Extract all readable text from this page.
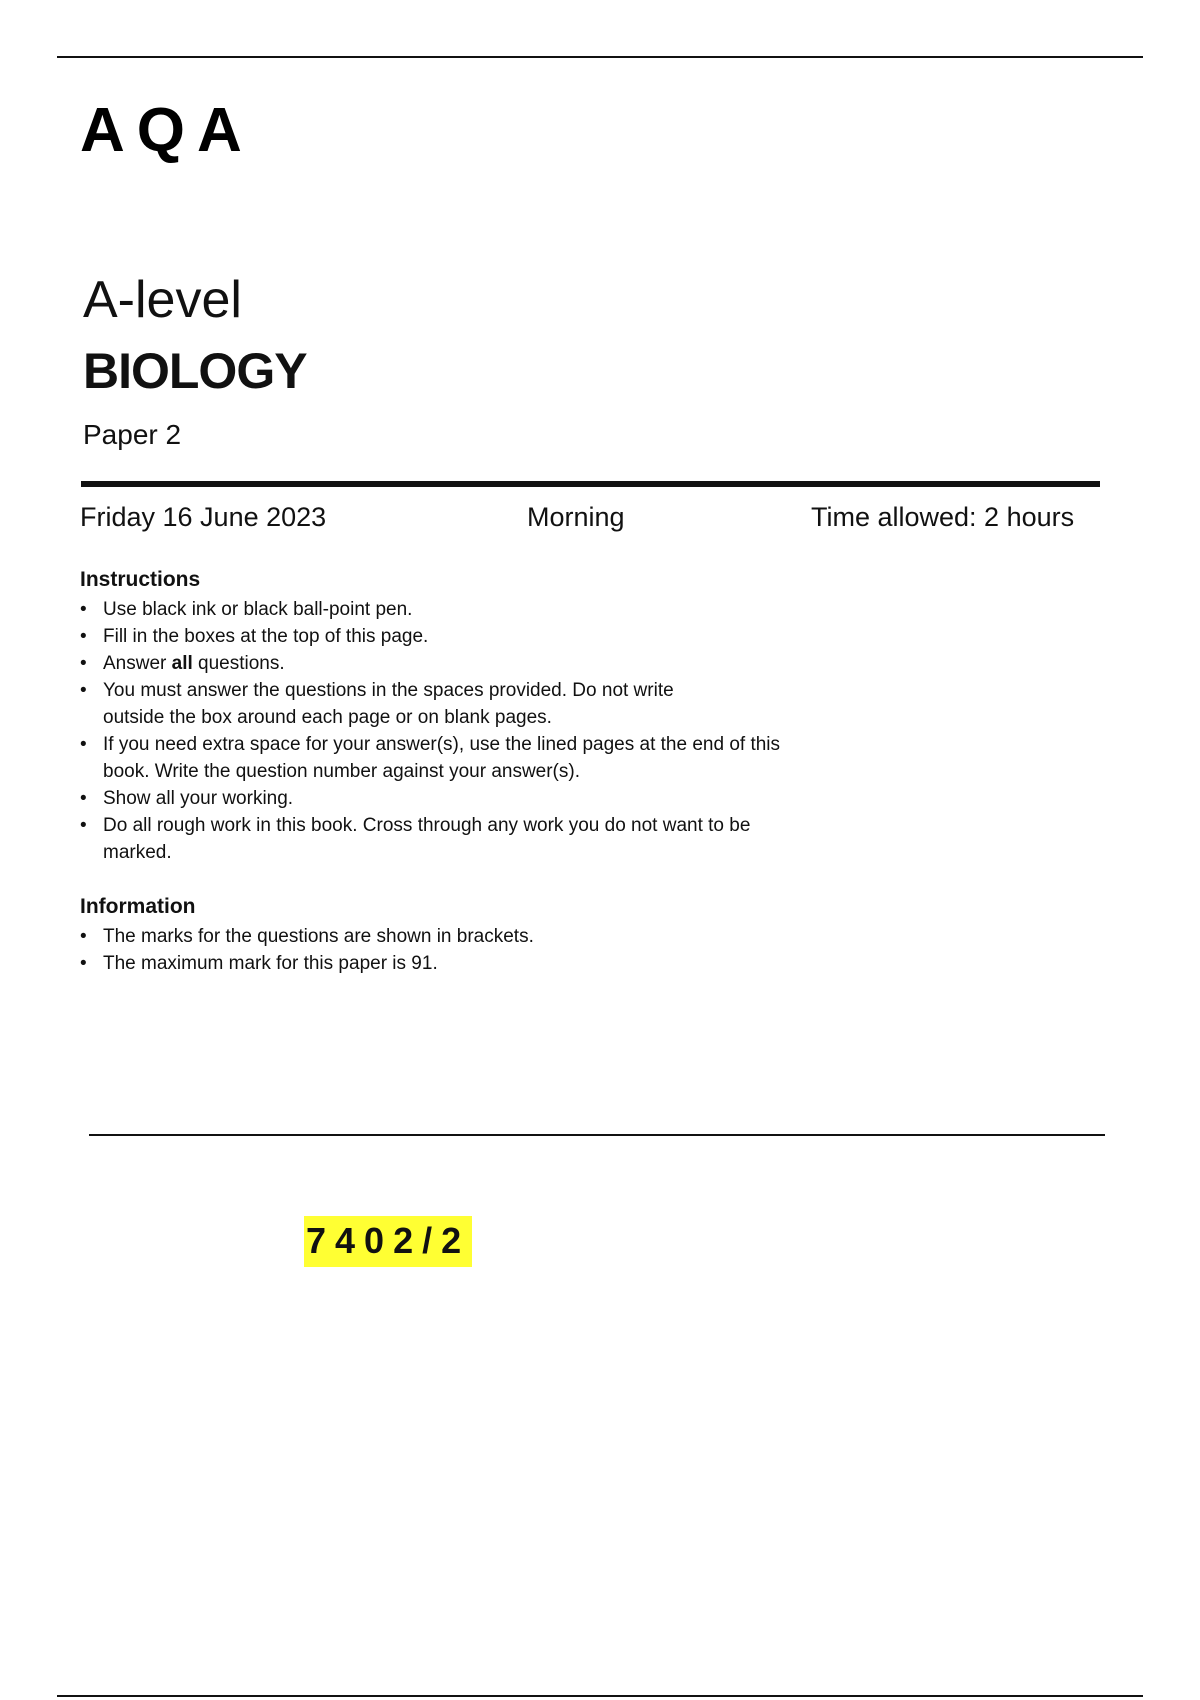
AQA
A-level
BIOLOGY
Paper 2
Friday 16 June 2023	Morning	Time allowed: 2 hours
Instructions
• Use black ink or black ball-point pen.
• Fill in the boxes at the top of this page.
• Answer all questions.
• You must answer the questions in the spaces provided. Do not write
outside the box around each page or on blank pages.
• If you need extra space for your answer(s), use the lined pages at the end of this
book. Write the question number against your answer(s).
• Show all your working.
• Do all rough work in this book. Cross through any work you do not want to be
marked.
Information
• The marks for the questions are shown in brackets.
• The maximum mark for this paper is 91.
7402/2
